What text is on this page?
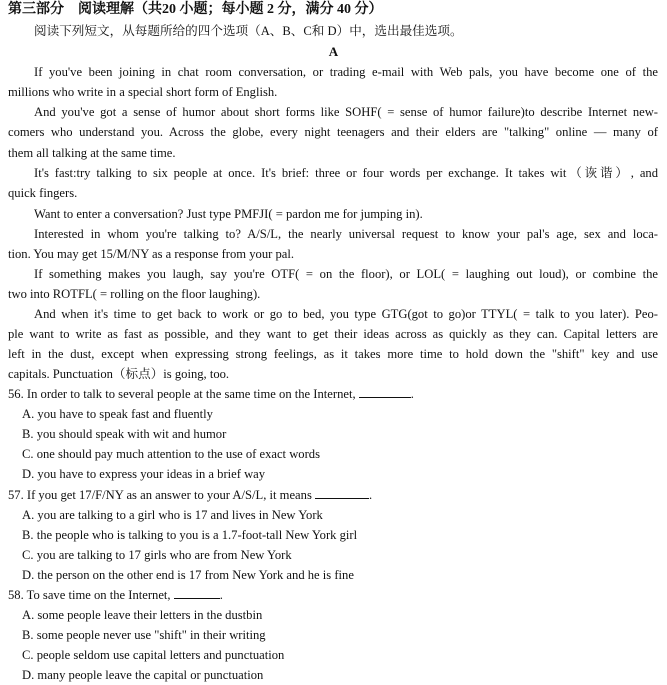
第三部分　阅读理解（共20 小题；每小题 2 分，满分 40 分）
阅读下列短文，从每题所给的四个选项（A、B、C和 D）中，选出最佳选项。
A
If you've been joining in chat room conversation, or trading e-mail with Web pals, you have become one of the
millions who write in a special short form of English.
And you've got a sense of humor about short forms like SOHF( = sense of humor failure)to describe Internet new-
comers who understand you. Across the globe, every night teenagers and their elders are "talking" online — many of
them all talking at the same time.
It's fast:try talking to six people at once. It's brief: three or four words per exchange. It takes wit（诙谐）, and
quick fingers.
Want to enter a conversation? Just type PMFJI( = pardon me for jumping in).
Interested in whom you're talking to? A/S/L, the nearly universal request to know your pal's age, sex and loca-
tion. You may get 15/M/NY as a response from your pal.
If something makes you laugh, say you're OTF( = on the floor), or LOL( = laughing out loud), or combine the
two into ROTFL( = rolling on the floor laughing).
And when it's time to get back to work or go to bed, you type GTG(got to go)or TTYL( = talk to you later). Peo-
ple want to write as fast as possible, and they want to get their ideas across as quickly as they can. Capital letters are
left in the dust, except when expressing strong feelings, as it takes more time to hold down the "shift" key and use
capitals. Punctuation（标点）is going, too.
56. In order to talk to several people at the same time on the Internet,	.
A. you have to speak fast and fluently
B. you should speak with wit and humor
C. one should pay much attention to the use of exact words
D. you have to express your ideas in a brief way
57. If you get 17/F/NY as an answer to your A/S/L, it means	.
A. you are talking to a girl who is 17 and lives in New York
B. the people who is talking to you is a 1.7-foot-tall New York girl
C. you are talking to 17 girls who are from New York
D. the person on the other end is 17 from New York and he is fine
58. To save time on the Internet,	.
A. some people leave their letters in the dustbin
B. some people never use "shift" in their writing
C. people seldom use capital letters and punctuation
D. many people leave the capital or punctuation
